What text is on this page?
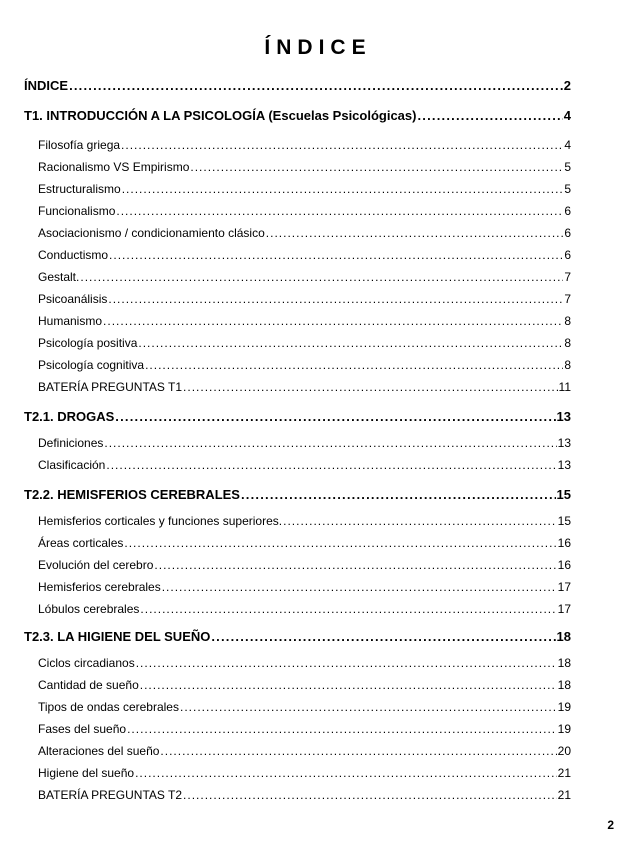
ÍNDICE
ÍNDICE .....	2
T1. INTRODUCCIÓN A LA PSICOLOGÍA (Escuelas Psicológicas) .....	4
Filosofía griega .....	4
Racionalismo VS Empirismo .....	5
Estructuralismo .....	5
Funcionalismo .....	6
Asociacionismo / condicionamiento clásico .....	6
Conductismo .....	6
Gestalt. .....	7
Psicoanálisis .....	7
Humanismo .....	8
Psicología positiva .....	8
Psicología cognitiva .....	8
BATERÍA PREGUNTAS T1 .....	11
T2.1. DROGAS .....	13
Definiciones .....	13
Clasificación .....	13
T2.2. HEMISFERIOS CEREBRALES .....	15
Hemisferios corticales y funciones superiores. .....	15
Áreas corticales .....	16
Evolución del cerebro .....	16
Hemisferios cerebrales .....	17
Lóbulos cerebrales .....	17
T2.3. LA HIGIENE DEL SUEÑO .....	18
Ciclos circadianos .....	18
Cantidad de sueño .....	18
Tipos de ondas cerebrales .....	19
Fases del sueño .....	19
Alteraciones del sueño .....	20
Higiene del sueño .....	21
BATERÍA PREGUNTAS T2 .....	21
2
